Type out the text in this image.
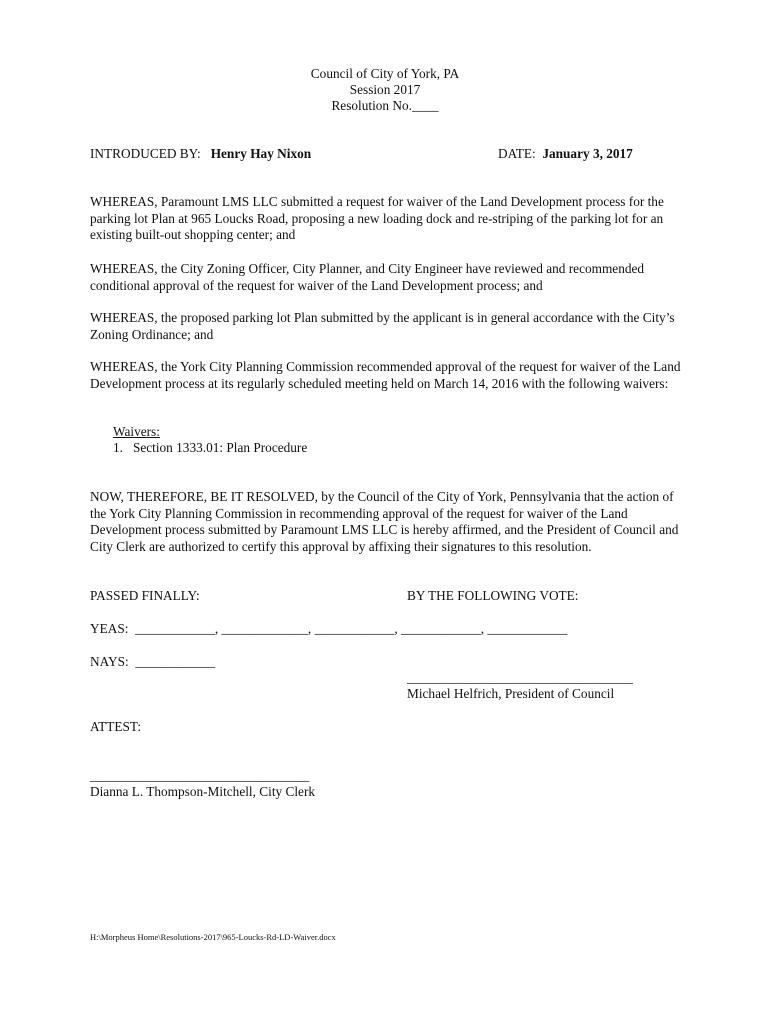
Council of City of York, PA
Session 2017
Resolution No.____
INTRODUCED BY: Henry Hay Nixon	DATE: January 3, 2017
WHEREAS, Paramount LMS LLC submitted a request for waiver of the Land Development process for the parking lot Plan at 965 Loucks Road, proposing a new loading dock and re-striping of the parking lot for an existing built-out shopping center; and
WHEREAS, the City Zoning Officer, City Planner, and City Engineer have reviewed and recommended conditional approval of the request for waiver of the Land Development process; and
WHEREAS, the proposed parking lot Plan submitted by the applicant is in general accordance with the City’s Zoning Ordinance; and
WHEREAS, the York City Planning Commission recommended approval of the request for waiver of the Land Development process at its regularly scheduled meeting held on March 14, 2016 with the following waivers:
Waivers:
1.   Section 1333.01: Plan Procedure
NOW, THEREFORE, BE IT RESOLVED, by the Council of the City of York, Pennsylvania that the action of the York City Planning Commission in recommending approval of the request for waiver of the Land Development process submitted by Paramount LMS LLC is hereby affirmed, and the President of Council and City Clerk are authorized to certify this approval by affixing their signatures to this resolution.
PASSED FINALLY:	BY THE FOLLOWING VOTE:
YEAS:  ____________, _____________, ____________, ____________, ____________
NAYS:  ____________
__________________________________
Michael Helfrich, President of Council
ATTEST:
_________________________________
Dianna L. Thompson-Mitchell, City Clerk
H:\Morpheus Home\Resolutions-2017\965-Loucks-Rd-LD-Waiver.docx
